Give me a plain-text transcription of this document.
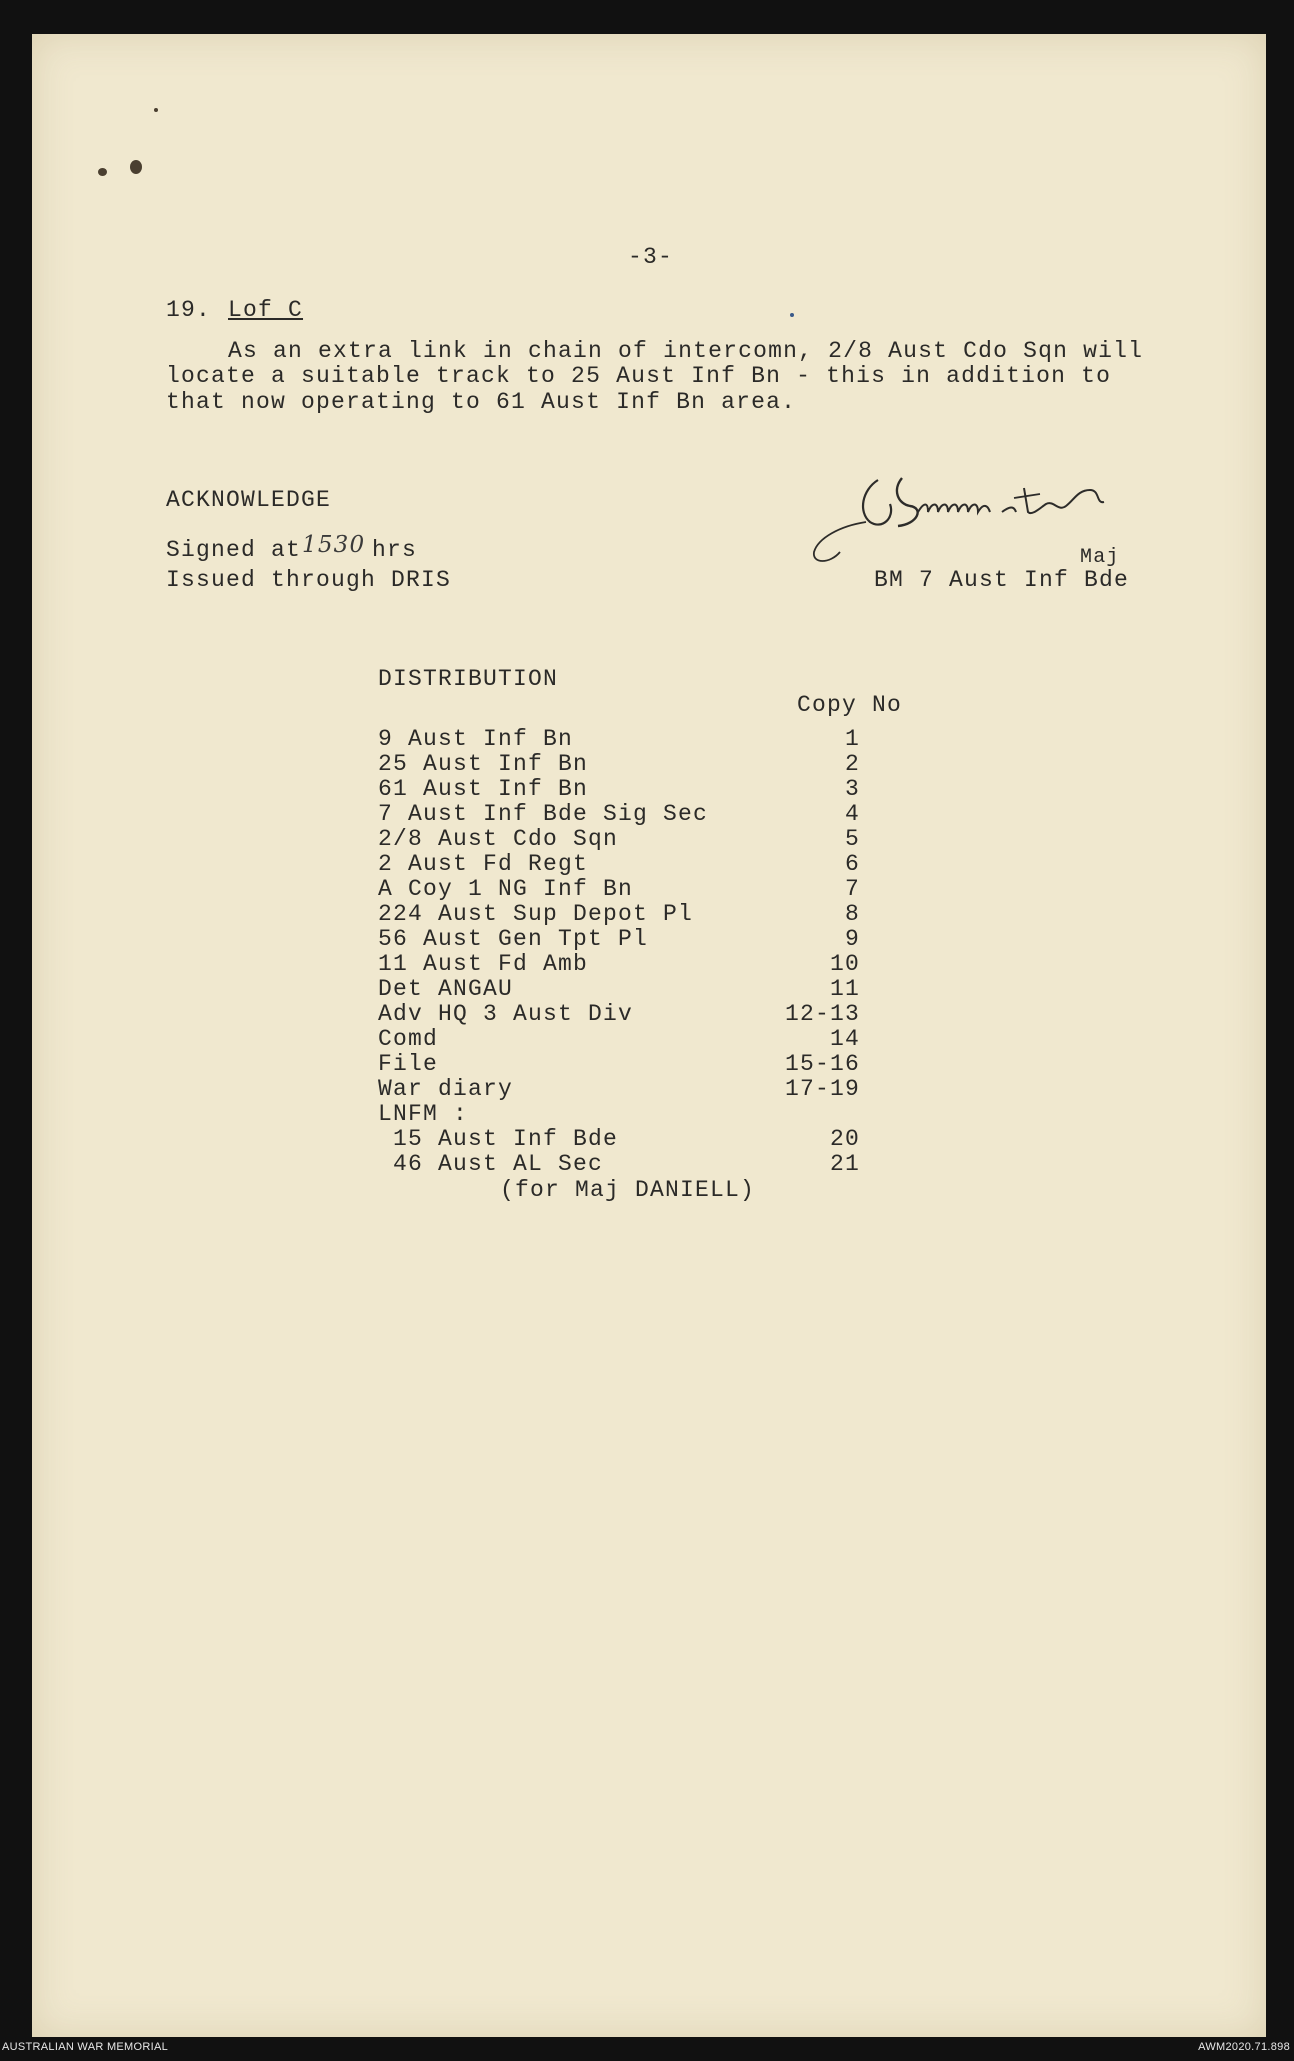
-3-
19. Lof C
As an extra link in chain of intercomn, 2/8 Aust Cdo Sqn will
locate a suitable track to 25 Aust Inf Bn - this in addition to
that now operating to 61 Aust Inf Bn area.
ACKNOWLEDGE
Signed at 1530 hrs
Issued through DRIS
Maj
BM 7 Aust Inf Bde
DISTRIBUTION
Copy No
9 Aust Inf Bn	1
25 Aust Inf Bn	2
61 Aust Inf Bn	3
7 Aust Inf Bde Sig Sec	4
2/8 Aust Cdo Sqn	5
2 Aust Fd Regt	6
A Coy 1 NG Inf Bn	7
224 Aust Sup Depot Pl	8
56 Aust Gen Tpt Pl	9
11 Aust Fd Amb	10
Det ANGAU	11
Adv HQ 3 Aust Div	12-13
Comd	14
File	15-16
War diary	17-19
LNFM :
15 Aust Inf Bde	20
46 Aust AL Sec	21
(for Maj DANIELL)
AUSTRALIAN WAR MEMORIAL	AWM2020.71.898
